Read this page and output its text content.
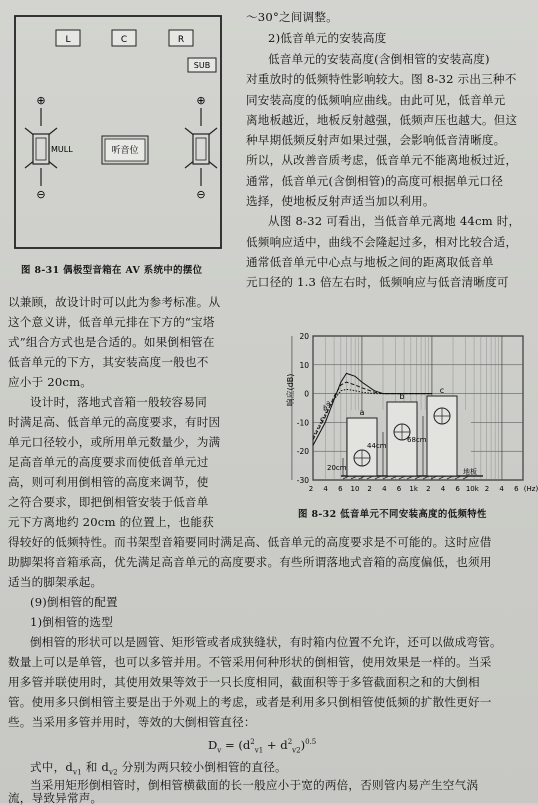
L	C	R
SUB
⊕
⊖
⊕
⊖
MULL	听音位
图 8-31 偶极型音箱在 AV 系统中的摆位
～30°之间调整。
2)低音单元的安装高度
低音单元的安装高度(含倒相管的安装高度)
对重放时的低频特性影响较大。图 8-32 示出三种不
同安装高度的低频响应曲线。由此可见，低音单元
离地板越近，地板反射越强，低频声压也越大。但这
种早期低频反射声如果过强，会影响低音清晰度。
所以，从改善音质考虑，低音单元不能离地板过近，
通常，低音单元(含倒相管)的高度可根据单元口径
选择，使地板反射声适当加以利用。
从图 8-32 可看出，当低音单元离地 44cm 时，
低频响应适中，曲线不会隆起过多，相对比较合适，
通常低音单元中心点与地板之间的距离取低音单
元口径的 1.3 倍左右时，低频响应与低音清晰度可
以兼顾，故设计时可以此为参考标准。从
这个意义讲，低音单元排在下方的“宝塔
式”组合方式也是合适的。如果倒相管在
低音单元的下方，其安装高度一般也不
应小于 20cm。
设计时，落地式音箱一般较容易同
时满足高、低音单元的高度要求，有时因
单元口径较小，或所用单元数量少，为满
足高音单元的高度要求而使低音单元过
高，则可利用倒相管的高度来调节，使
之符合要求，即把倒相管安装于低音单
元下方离地约 20cm 的位置上，也能获
20
10
0
-10
-20
-30
2 4 6 10 2 4 6 1k 2 4 6 10k 2 4 6 (Hz)
响应(dB)	a
b
c
a
b
c
20cm
44cm
68cm
地板
图 8-32 低音单元不同安装高度的低频特性
得较好的低频特性。而书架型音箱要同时满足高、低音单元的高度要求是不可能的。这时应借
助脚架将音箱承高，优先满足高音单元的高度要求。有些所谓落地式音箱的高度偏低，也须用
适当的脚架承起。
(9)倒相管的配置
1)倒相管的选型
倒相管的形状可以是圆管、矩形管或者成狭缝状，有时箱内位置不允许，还可以做成弯管。
数量上可以是单管，也可以多管并用。不管采用何种形状的倒相管，使用效果是一样的。当采
用多管并联使用时，其使用效果等效于一只长度相同，截面积等于多管截面积之和的大倒相
管。使用多只倒相管主要是出于外观上的考虑，或者是利用多只倒相管使低频的扩散性更好一
些。当采用多管并用时，等效的大倒相管直径：
$D_v = (d^2_{v1} + d^2_{v2})^{0.5}$
式中，$d_{v1}$ 和 $d_{v2}$ 分别为两只较小倒相管的直径。
当采用矩形倒相管时，倒相管横截面的长一般应小于宽的两倍，否则管内易产生空气涡
流，导致异常声。
